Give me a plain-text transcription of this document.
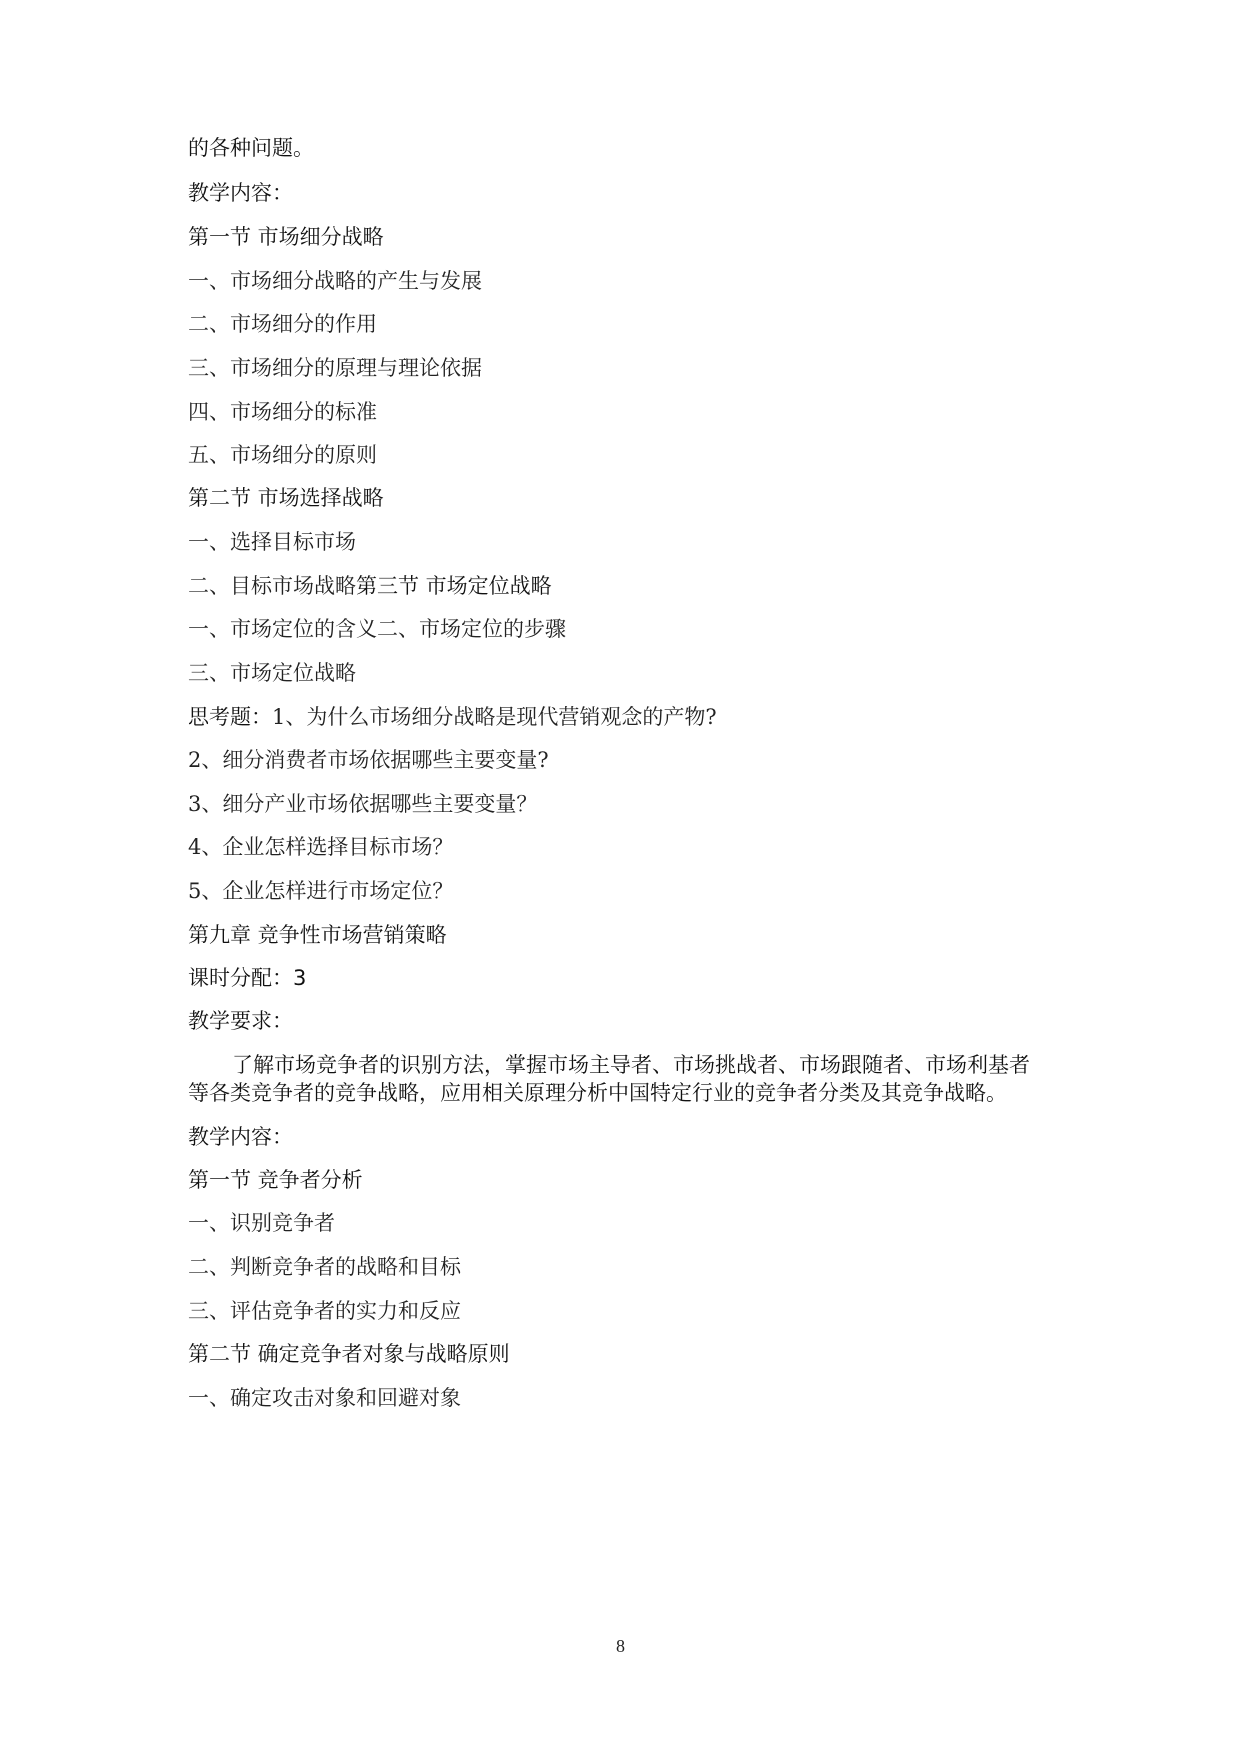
的各种问题。
教学内容：
第一节 市场细分战略
一、市场细分战略的产生与发展
二、市场细分的作用
三、市场细分的原理与理论依据
四、市场细分的标准
五、市场细分的原则
第二节 市场选择战略
一、选择目标市场
二、目标市场战略第三节 市场定位战略
一、市场定位的含义二、市场定位的步骤
三、市场定位战略
思考题：1、为什么市场细分战略是现代营销观念的产物?
2、细分消费者市场依据哪些主要变量?
3、细分产业市场依据哪些主要变量？
4、企业怎样选择目标市场？
5、企业怎样进行市场定位？
第九章 竞争性市场营销策略
课时分配：3
教学要求：
了解市场竞争者的识别方法，掌握市场主导者、市场挑战者、市场跟随者、市场利基者
等各类竞争者的竞争战略，应用相关原理分析中国特定行业的竞争者分类及其竞争战略。
教学内容：
第一节 竞争者分析
一、识别竞争者
二、判断竞争者的战略和目标
三、评估竞争者的实力和反应
第二节 确定竞争者对象与战略原则
一、确定攻击对象和回避对象
8
